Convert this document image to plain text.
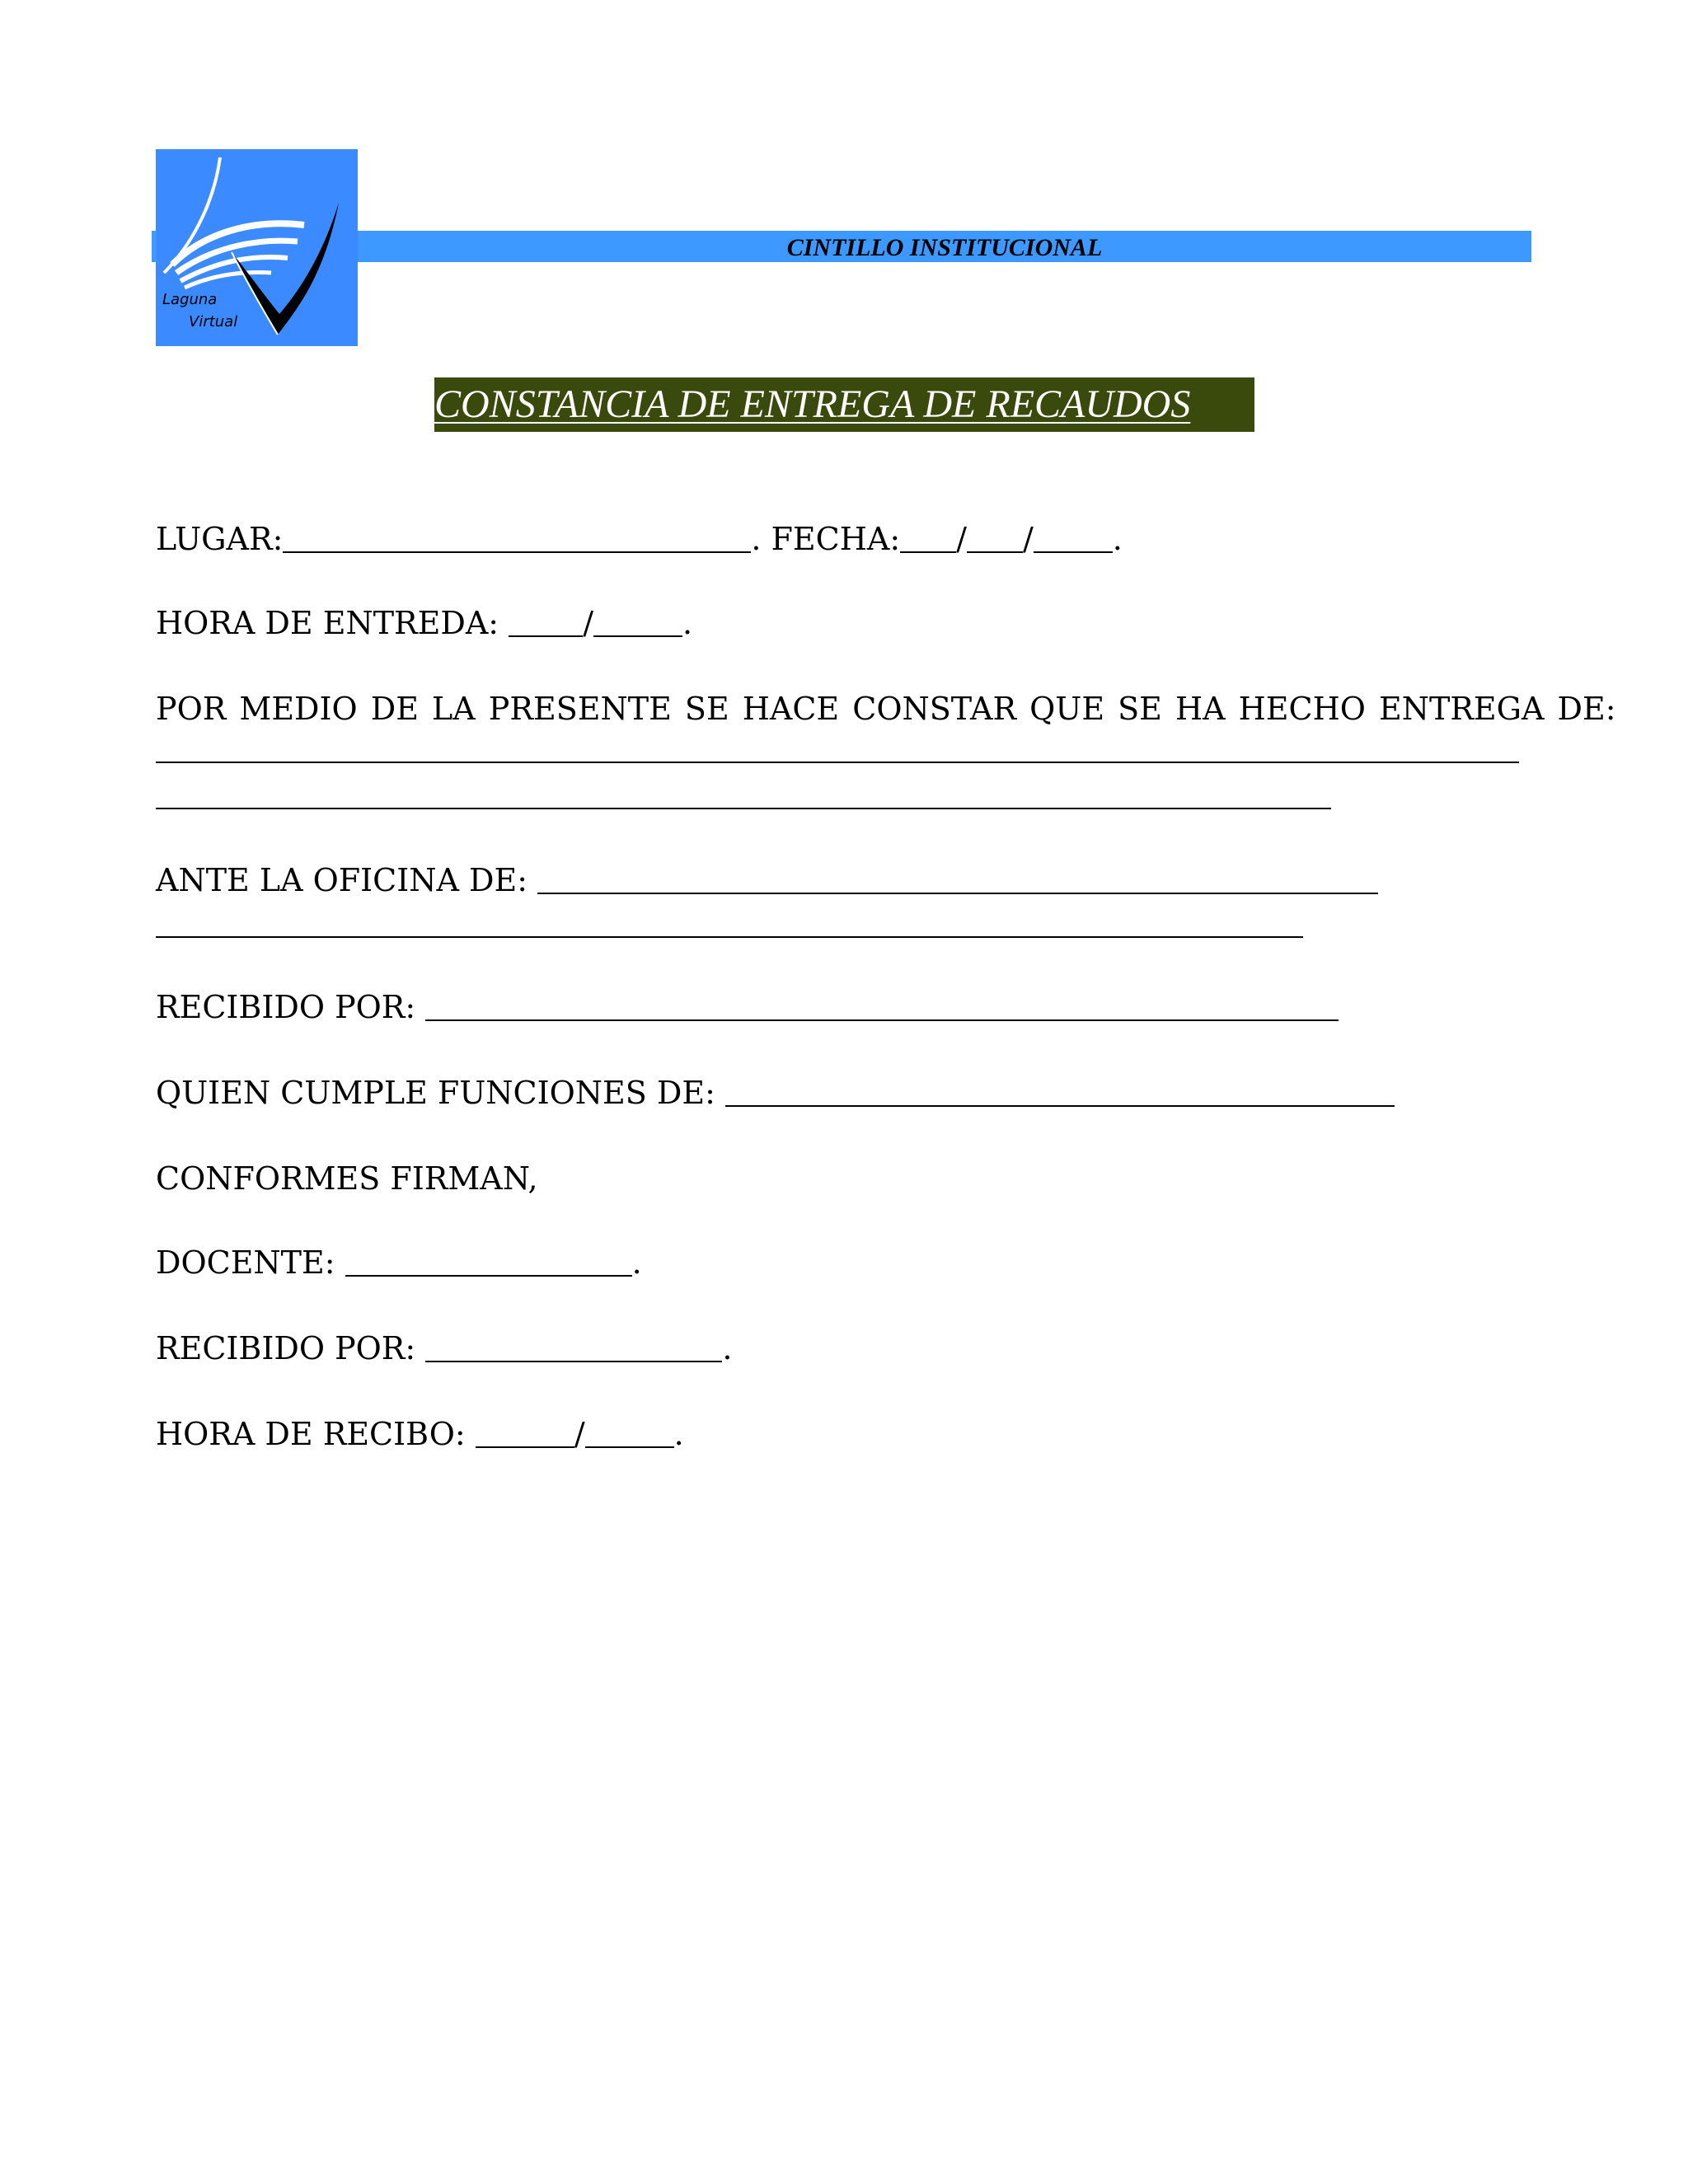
Laguna
Virtual
CINTILLO INSTITUCIONAL
CONSTANCIA DE ENTREGA DE RECAUDOS
LUGAR:	. FECHA: / /	.
HORA DE ENTREDA:	/	.
POR MEDIO DE LA PRESENTE SE HACE CONSTAR QUE SE HA HECHO ENTREGA DE:
ANTE LA OFICINA DE:
RECIBIDO POR:
QUIEN CUMPLE FUNCIONES DE:
CONFORMES FIRMAN,
DOCENTE:	.
RECIBIDO POR:	.
HORA DE RECIBO:	/	.
